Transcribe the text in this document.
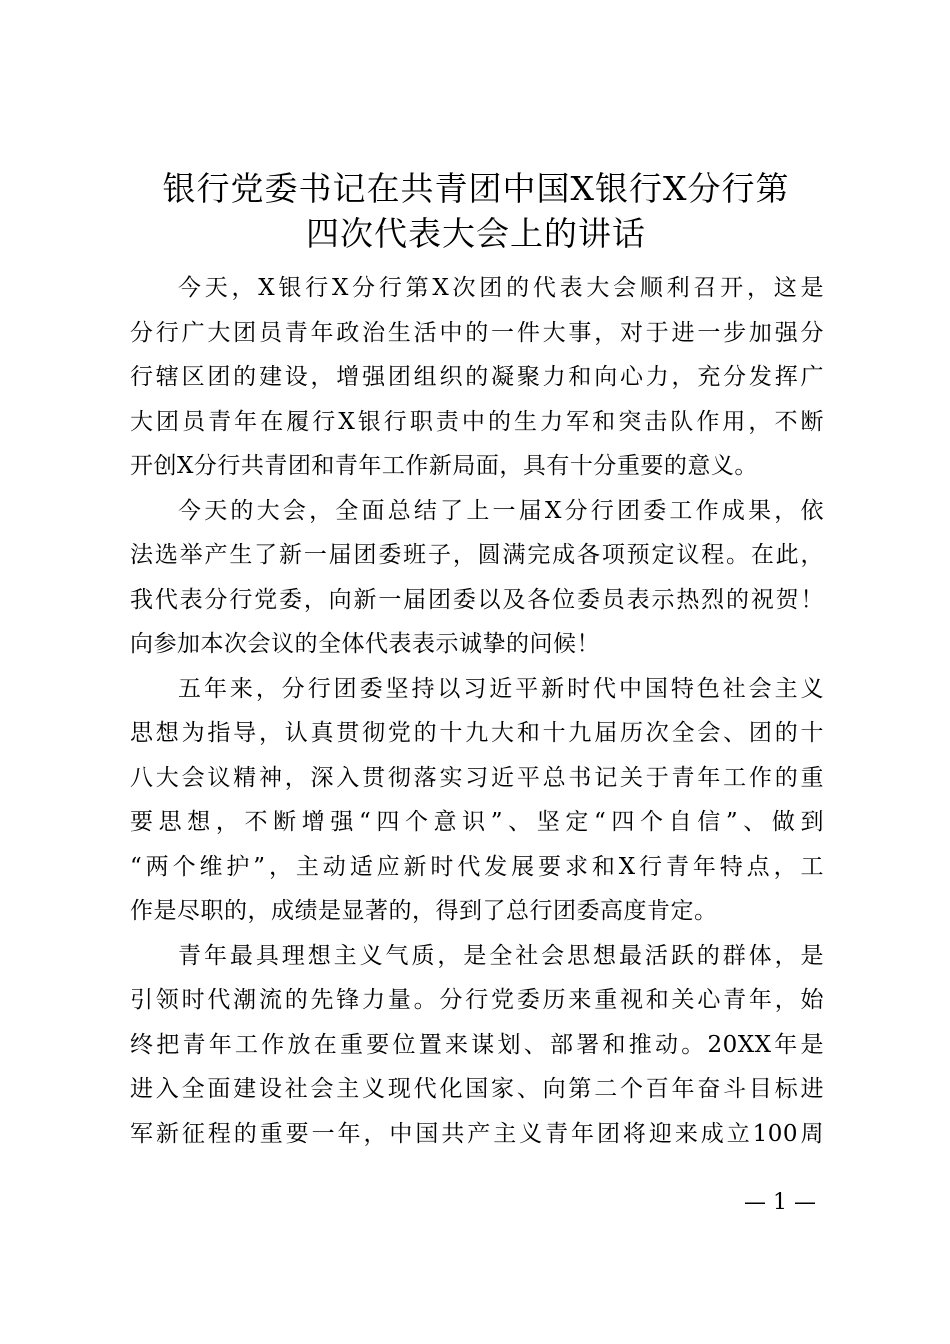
银行党委书记在共青团中国X银行X分行第
四次代表大会上的讲话

今天，X银行X分行第X次团的代表大会顺利召开，这是
分行广大团员青年政治生活中的一件大事，对于进一步加强分
行辖区团的建设，增强团组织的凝聚力和向心力，充分发挥广
大团员青年在履行X银行职责中的生力军和突击队作用，不断
开创X分行共青团和青年工作新局面，具有十分重要的意义。

今天的大会，全面总结了上一届X分行团委工作成果，依
法选举产生了新一届团委班子，圆满完成各项预定议程。在此，
我代表分行党委，向新一届团委以及各位委员表示热烈的祝贺！
向参加本次会议的全体代表表示诚挚的问候！

五年来，分行团委坚持以习近平新时代中国特色社会主义
思想为指导，认真贯彻党的十九大和十九届历次全会、团的十
八大会议精神，深入贯彻落实习近平总书记关于青年工作的重
要思想，不断增强“四个意识”、坚定“四个自信”、做到
“两个维护”，主动适应新时代发展要求和X行青年特点，工
作是尽职的，成绩是显著的，得到了总行团委高度肯定。

青年最具理想主义气质，是全社会思想最活跃的群体，是
引领时代潮流的先锋力量。分行党委历来重视和关心青年，始
终把青年工作放在重要位置来谋划、部署和推动。20XX年是
进入全面建设社会主义现代化国家、向第二个百年奋斗目标进
军新征程的重要一年，中国共产主义青年团将迎来成立100周

— 1 —
